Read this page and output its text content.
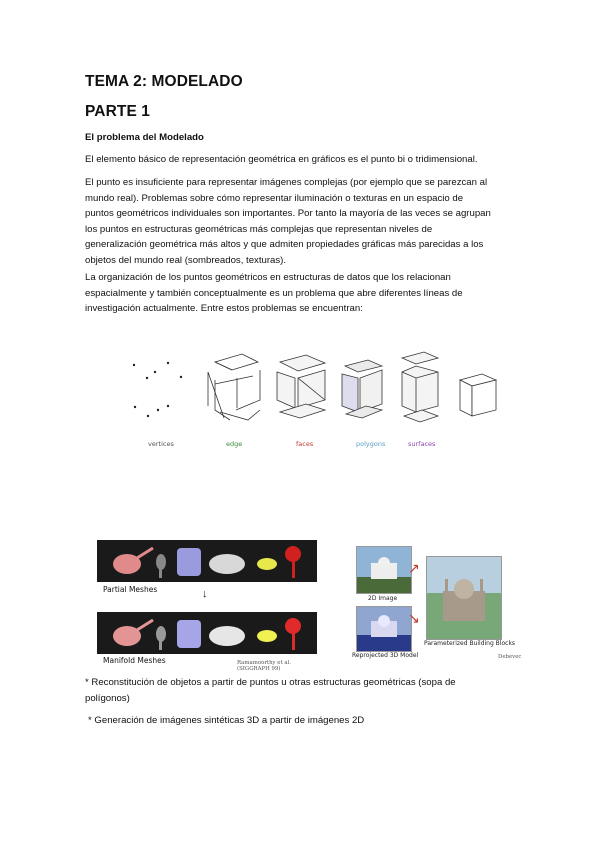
TEMA 2: MODELADO
PARTE 1
El problema del Modelado
El elemento básico de representación geométrica en gráficos es el punto bi o tridimensional.
El punto es insuficiente para representar imágenes complejas (por ejemplo que se parezcan al
mundo real). Problemas sobre cómo representar iluminación o texturas en un espacio de
puntos geométricos individuales son importantes. Por tanto la mayoría de las veces se agrupan
los puntos en estructuras geométricas más complejas que representan niveles de
generalización geométrica más altos y que admiten propiedades gráficas más parecidas a los
objetos del mundo real (sombreados, texturas).
La organización de los puntos geométricos en estructuras de datos que los relacionan
espacialmente y también conceptualmente es un problema que abre diferentes líneas de
investigación actualmente. Entre estos problemas se encuentran:
vertices	edge	faces	polygons	surfaces
Partial Meshes	↓
Manifold Meshes	Ramamoorthy et al. (SIGGRAPH 99)
2D Image
Reprojected 3D Model
↗
↘
Parameterized Building Blocks
Debevec
* Reconstitución de objetos a partir de puntos u otras estructuras geométricas (sopa de
polígonos)
* Generación de imágenes sintéticas 3D a partir de imágenes 2D
